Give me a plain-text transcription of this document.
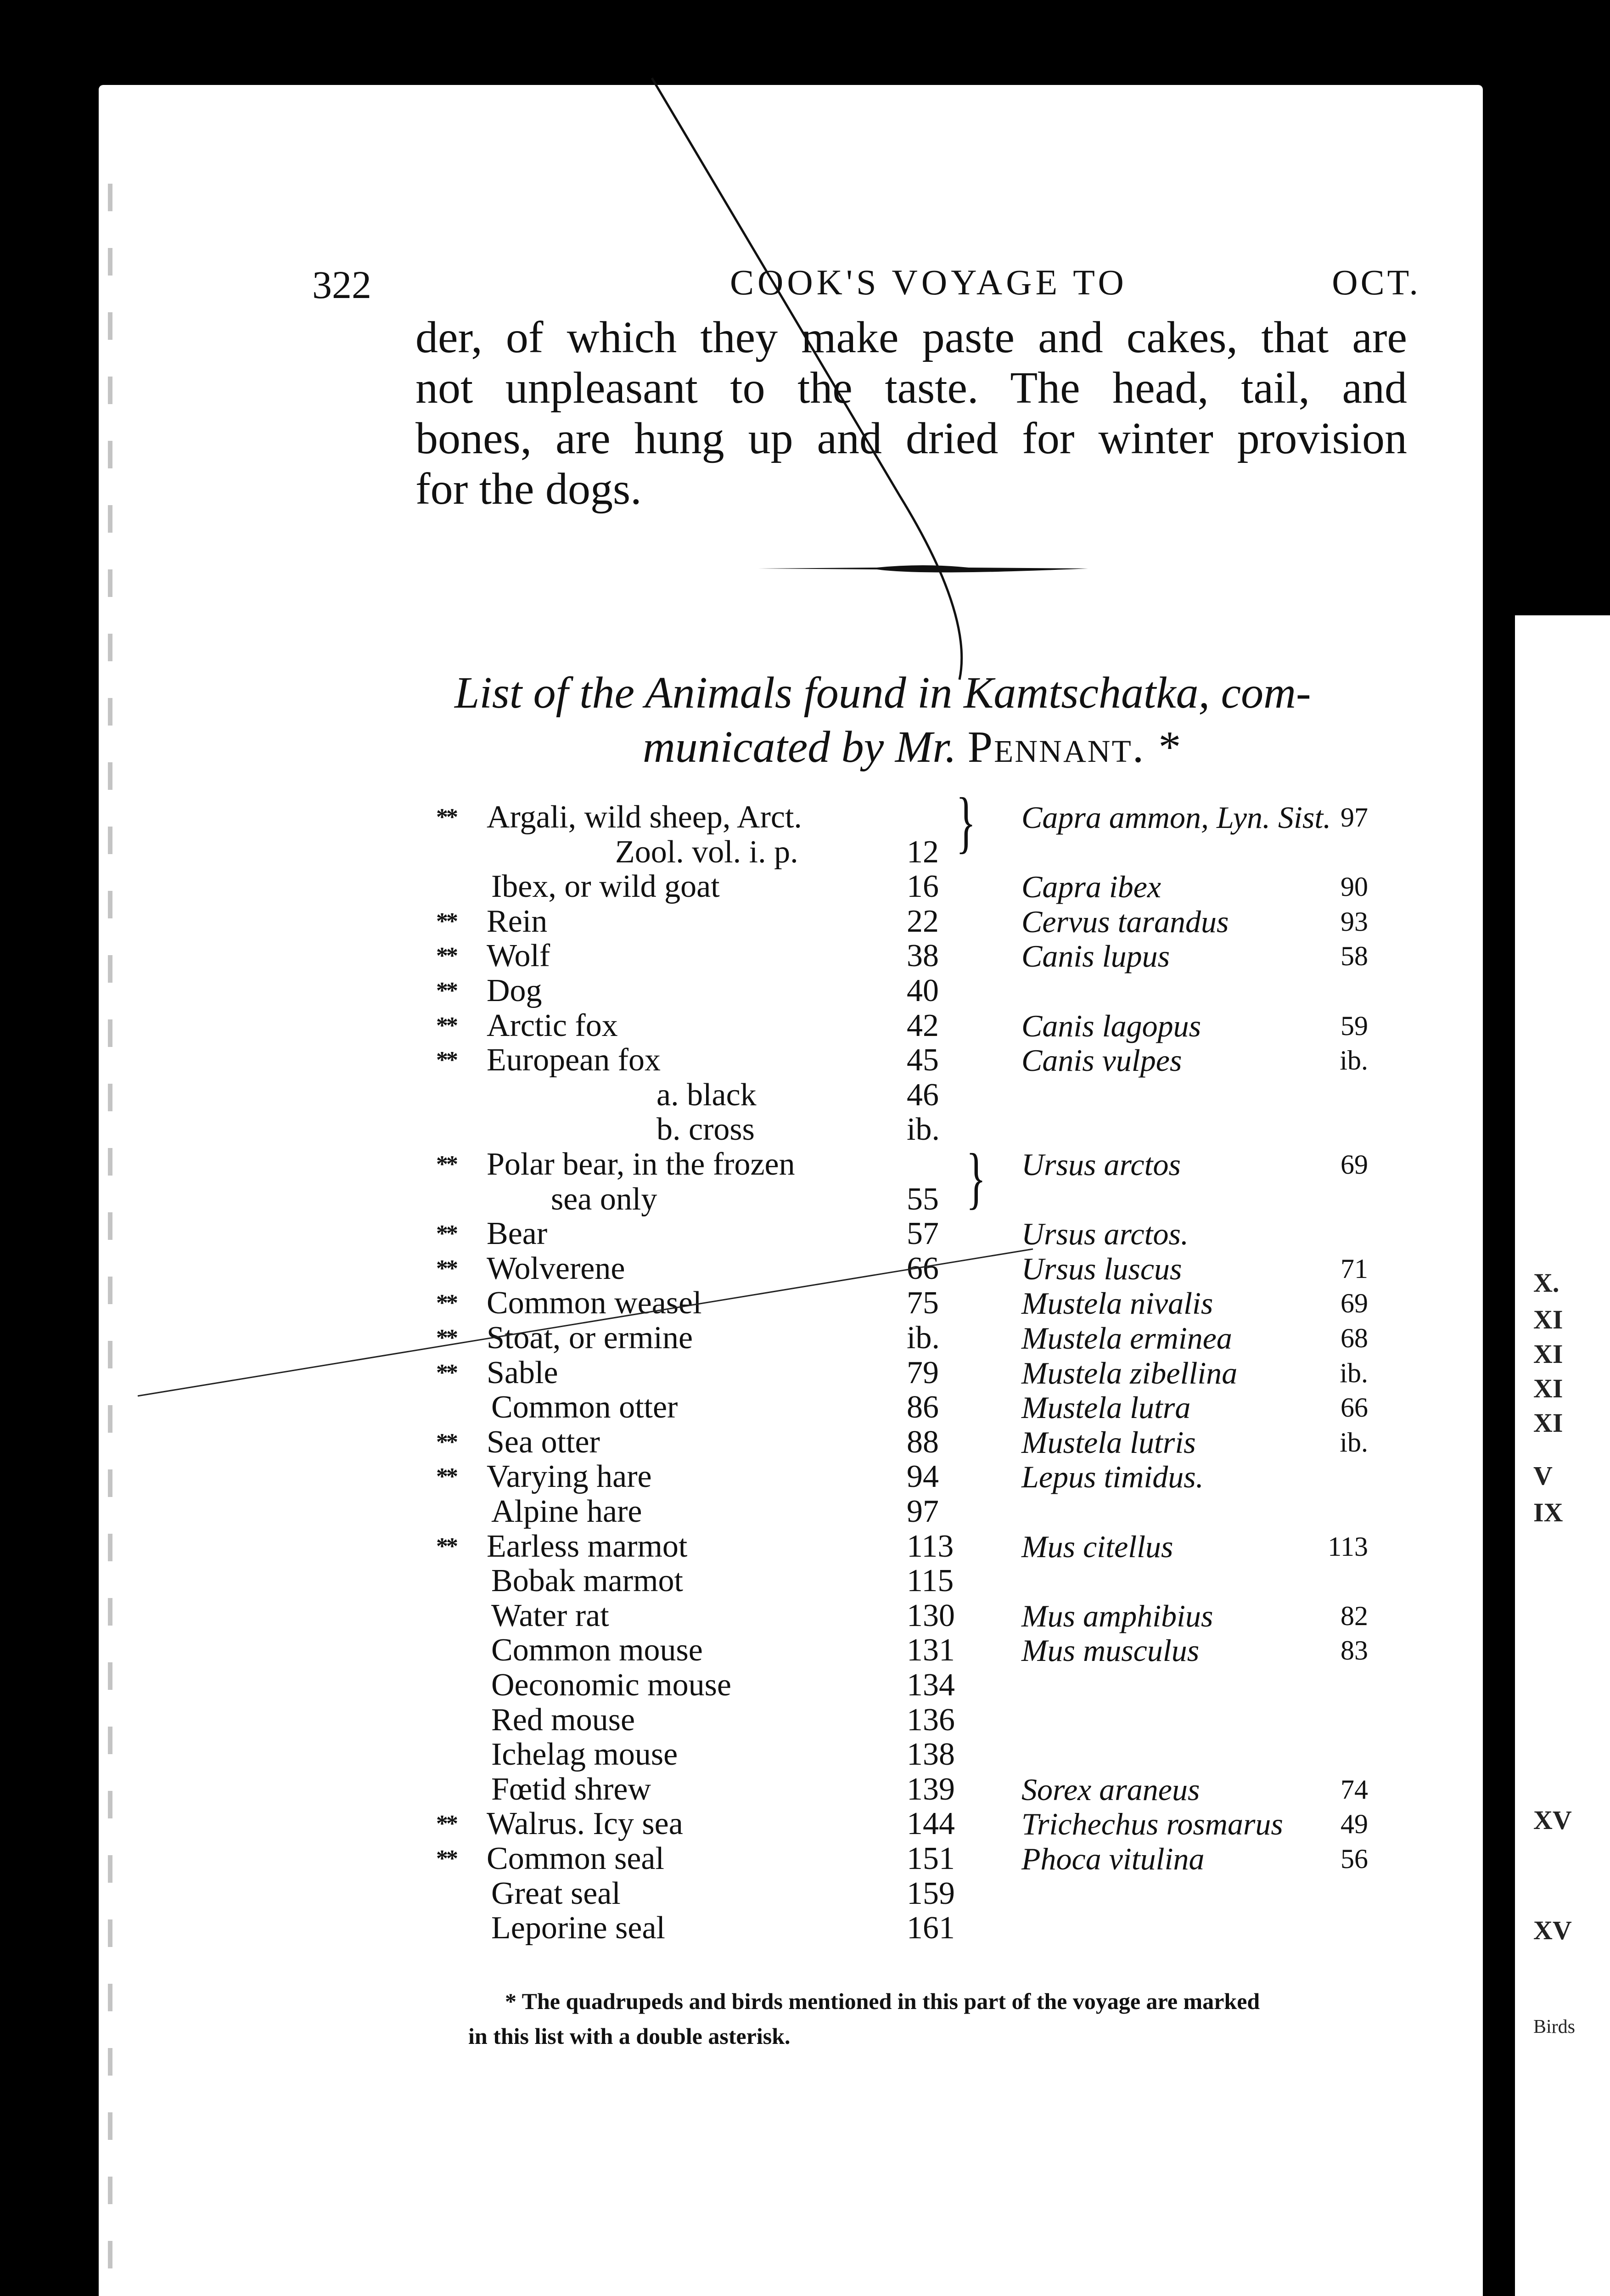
X.
XI
XI
XI
XI
XV
XV
IX
V
Birds
322	COOK'S VOYAGE TO	OCT.
der, of which they make paste and cakes, that are
not unpleasant to the taste. The head, tail, and
bones, are hung up and dried for winter provision
for the dogs.
List of the Animals found in Kamtschatka, com-
municated by Mr. Pennant. *
** Argali, wild sheep, Arct.	Capra ammon, Lyn. Sist. 97
Zool. vol. i. p.	12
Ibex, or wild goat	16	Capra ibex	90
** Rein	22	Cervus tarandus	93
** Wolf	38	Canis lupus	58
** Dog	40
** Arctic fox	42	Canis lagopus	59
** European fox	45	Canis vulpes	ib.
a. black	46
b. cross	ib.
** Polar bear, in the frozen	Ursus arctos	69
sea only	55
** Bear	57	Ursus arctos.
** Wolverene	66	Ursus luscus	71
** Common weasel	75	Mustela nivalis	69
** Stoat, or ermine	ib.	Mustela erminea	68
** Sable	79	Mustela zibellina	ib.
Common otter	86	Mustela lutra	66
** Sea otter	88	Mustela lutris	ib.
** Varying hare	94	Lepus timidus.
Alpine hare	97
** Earless marmot	113	Mus citellus	113
Bobak marmot	115
Water rat	130	Mus amphibius	82
Common mouse	131	Mus musculus	83
Oeconomic mouse	134
Red mouse	136
Ichelag mouse	138
Fœtid shrew	139	Sorex araneus	74
** Walrus. Icy sea	144	Trichechus rosmarus	49
** Common seal	151	Phoca vitulina	56
Great seal	159
Leporine seal	161
}
}
* The quadrupeds and birds mentioned in this part of the voyage are marked
in this list with a double asterisk.
